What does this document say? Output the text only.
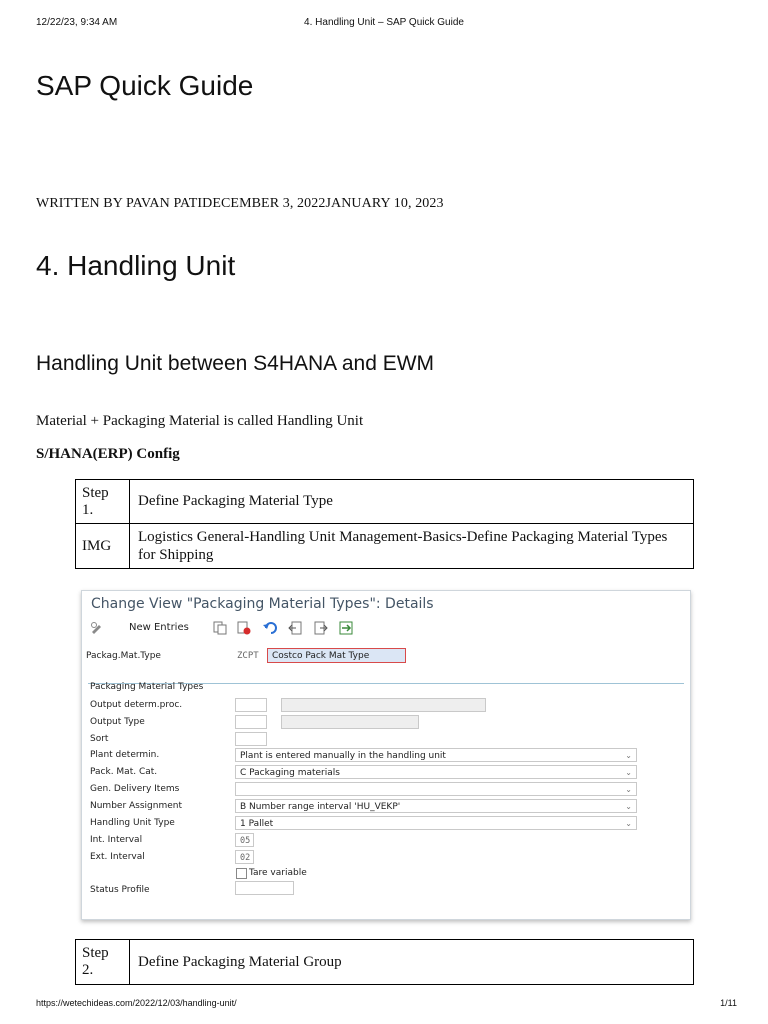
12/22/23, 9:34 AM	4. Handling Unit – SAP Quick Guide
SAP Quick Guide
WRITTEN BY PAVAN PATIDECEMBER 3, 2022JANUARY 10, 2023
4. Handling Unit
Handling Unit between S4HANA and EWM
Material + Packaging Material is called Handling Unit
S/HANA(ERP) Config
Step 1.	Define Packaging Material Type
IMG	Logistics General-Handling Unit Management-Basics-Define Packaging Material Types for Shipping
Change View "Packaging Material Types": Details
New Entries
Packag.Mat.Type	ZCPT	Costco Pack Mat Type
Packaging Material Types
Output determ.proc.
Output Type
Sort
Plant determin.	Plant is entered manually in the handling unit	⌄
Pack. Mat. Cat.	C Packaging materials	⌄
Gen. Delivery Items	⌄
Number Assignment	B Number range interval 'HU_VEKP'	⌄
Handling Unit Type	1 Pallet	⌄
Int. Interval	05
Ext. Interval	02
Tare variable
Status Profile
Step 2.	Define Packaging Material Group
https://wetechideas.com/2022/12/03/handling-unit/	1/11
